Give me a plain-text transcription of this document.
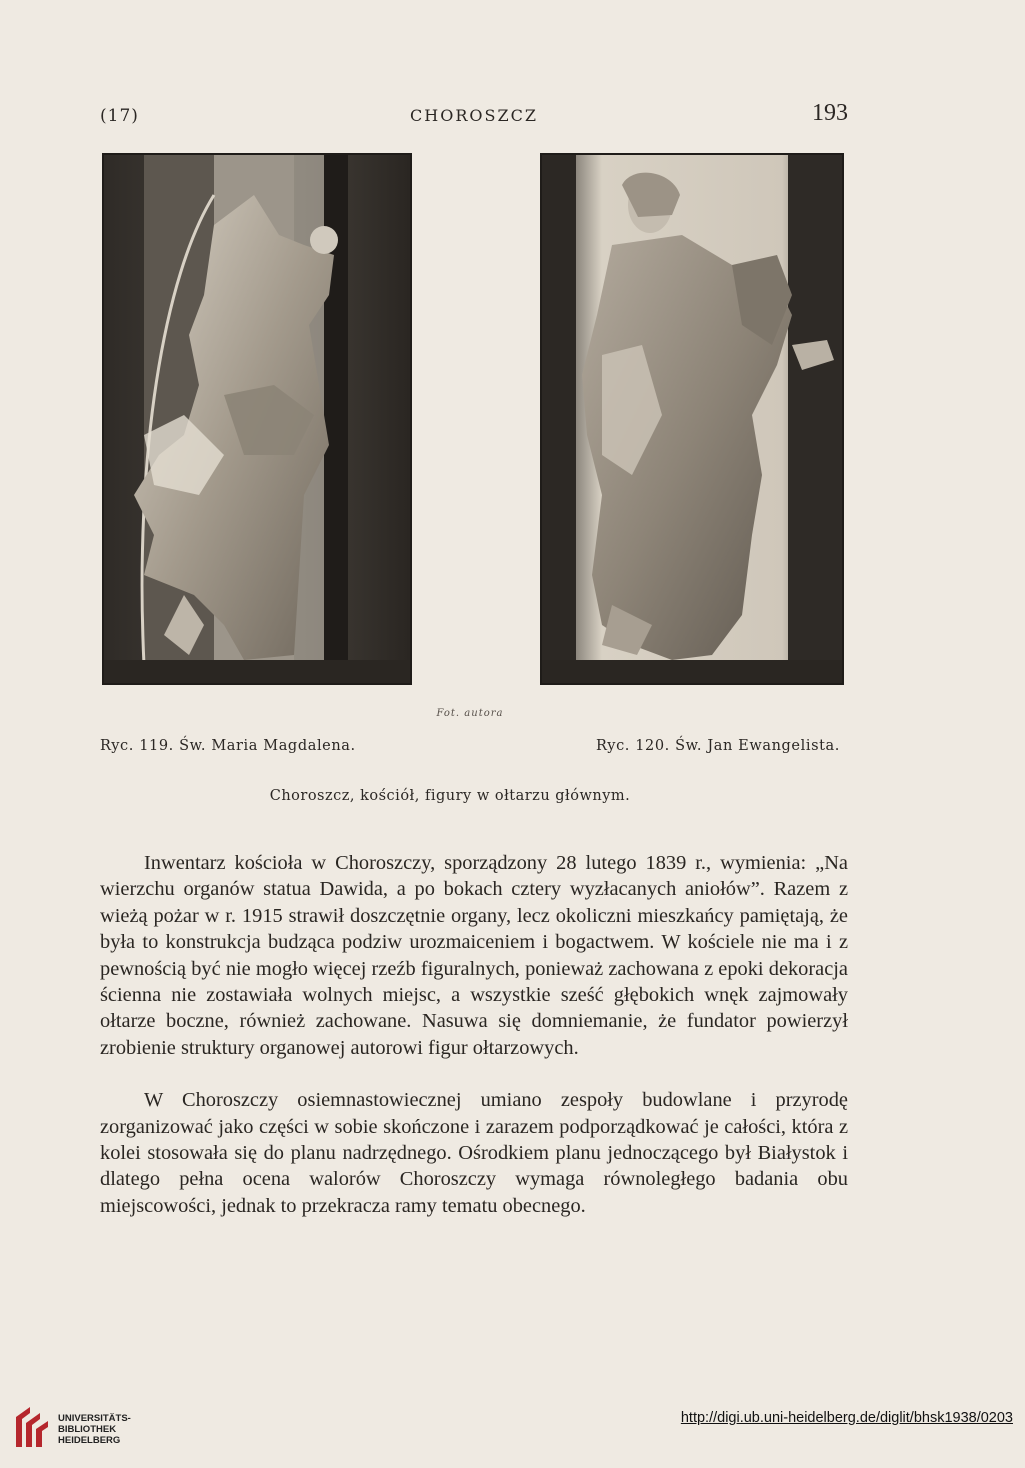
(17)	CHOROSZCZ	193
Fot. autora
Ryc. 119. Św. Maria Magdalena.	Ryc. 120. Św. Jan Ewangelista.
Choroszcz, kościół, figury w ołtarzu głównym.

Inwentarz kościoła w Choroszczy, sporządzony 28 lutego 1839 r., wymienia: „Na wierzchu organów statua Dawida, a po bokach cztery wyzłacanych aniołów”. Razem z wieżą pożar w r. 1915 strawił doszczętnie organy, lecz okoliczni mieszkańcy pamiętają, że była to konstrukcja budząca podziw urozmaiceniem i bogactwem. W kościele nie ma i z pewnością być nie mogło więcej rzeźb figuralnych, ponieważ zachowana z epoki dekoracja ścienna nie zostawiała wolnych miejsc, a wszystkie sześć głębokich wnęk zajmowały ołtarze boczne, również zachowane. Nasuwa się domniemanie, że fundator powierzył zrobienie struktury organowej autorowi figur ołtarzowych.

W Choroszczy osiemnastowiecznej umiano zespoły budowlane i przyrodę zorganizować jako części w sobie skończone i zarazem podporządkować je całości, która z kolei stosowała się do planu nadrzędnego. Ośrodkiem planu jednoczącego był Białystok i dlatego pełna ocena walorów Choroszczy wymaga równoległego badania obu miejscowości, jednak to przekracza ramy tematu obecnego.

UNIVERSITÄTS-
BIBLIOTHEK
HEIDELBERG
http://digi.ub.uni-heidelberg.de/diglit/bhsk1938/0203
